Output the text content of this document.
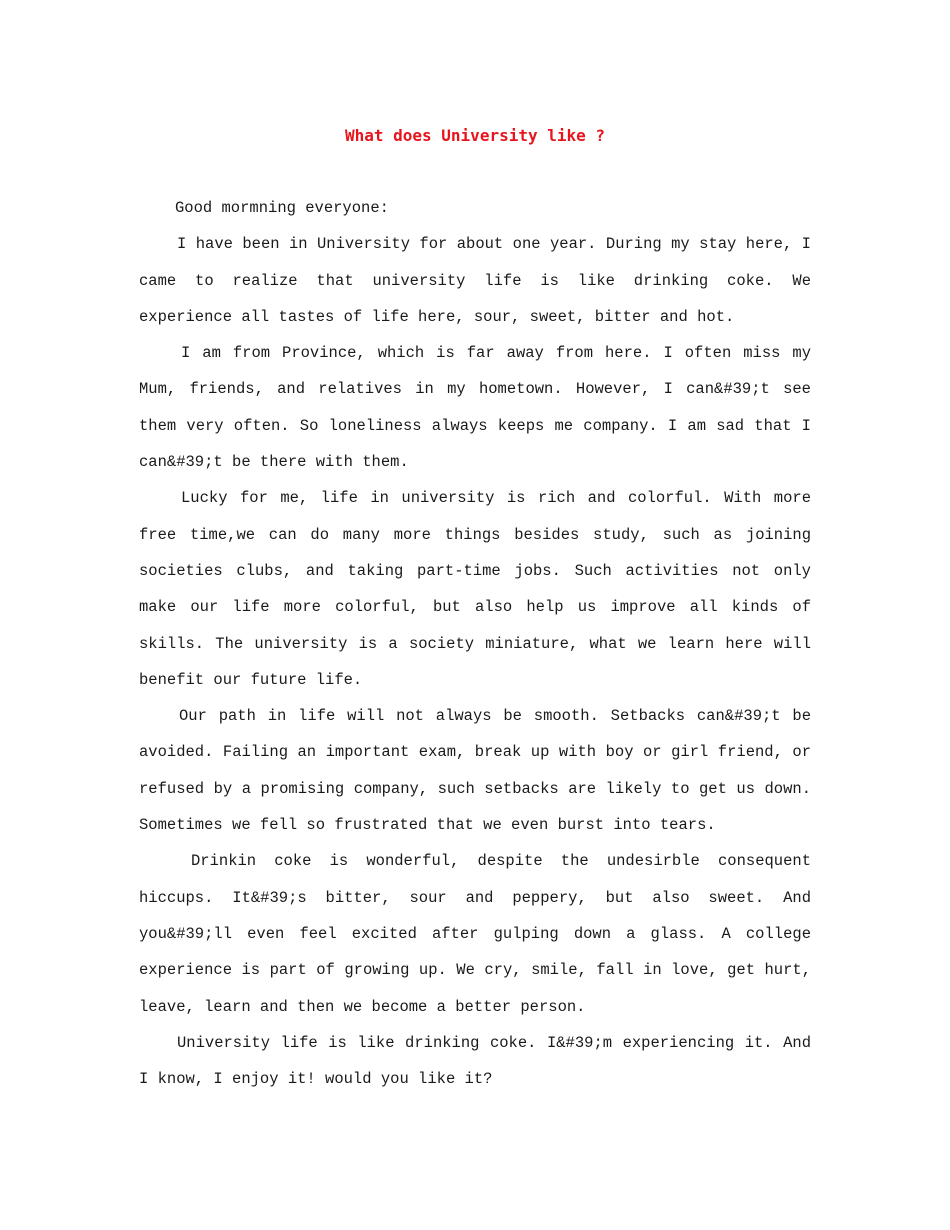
What does University like ?

Good mormning everyone:

I have been in University for about one year. During my stay here, I came to realize that university life is like drinking coke. We experience all tastes of life here, sour, sweet, bitter and hot.

I am from Province, which is far away from here. I often miss my Mum, friends, and relatives in my hometown. However, I can&#39;t see them very often. So loneliness always keeps me company. I am sad that I can&#39;t be there with them.

Lucky for me, life in university is rich and colorful. With more free time,we can do many more things besides study, such as joining societies clubs, and taking part-time jobs. Such activities not only make our life more colorful, but also help us improve all kinds of skills. The university is a society miniature, what we learn here will benefit our future life.

Our path in life will not always be smooth. Setbacks can&#39;t be avoided. Failing an important exam, break up with boy or girl friend, or refused by a promising company, such setbacks are likely to get us down. Sometimes we fell so frustrated that we even burst into tears.

Drinkin coke is wonderful, despite the undesirble consequent hiccups. It&#39;s bitter, sour and peppery, but also sweet. And you&#39;ll even feel excited after gulping down a glass. A college experience is part of growing up. We cry, smile, fall in love, get hurt, leave, learn and then we become a better person.

University life is like drinking coke. I&#39;m experiencing it. And I know, I enjoy it! would you like it?
